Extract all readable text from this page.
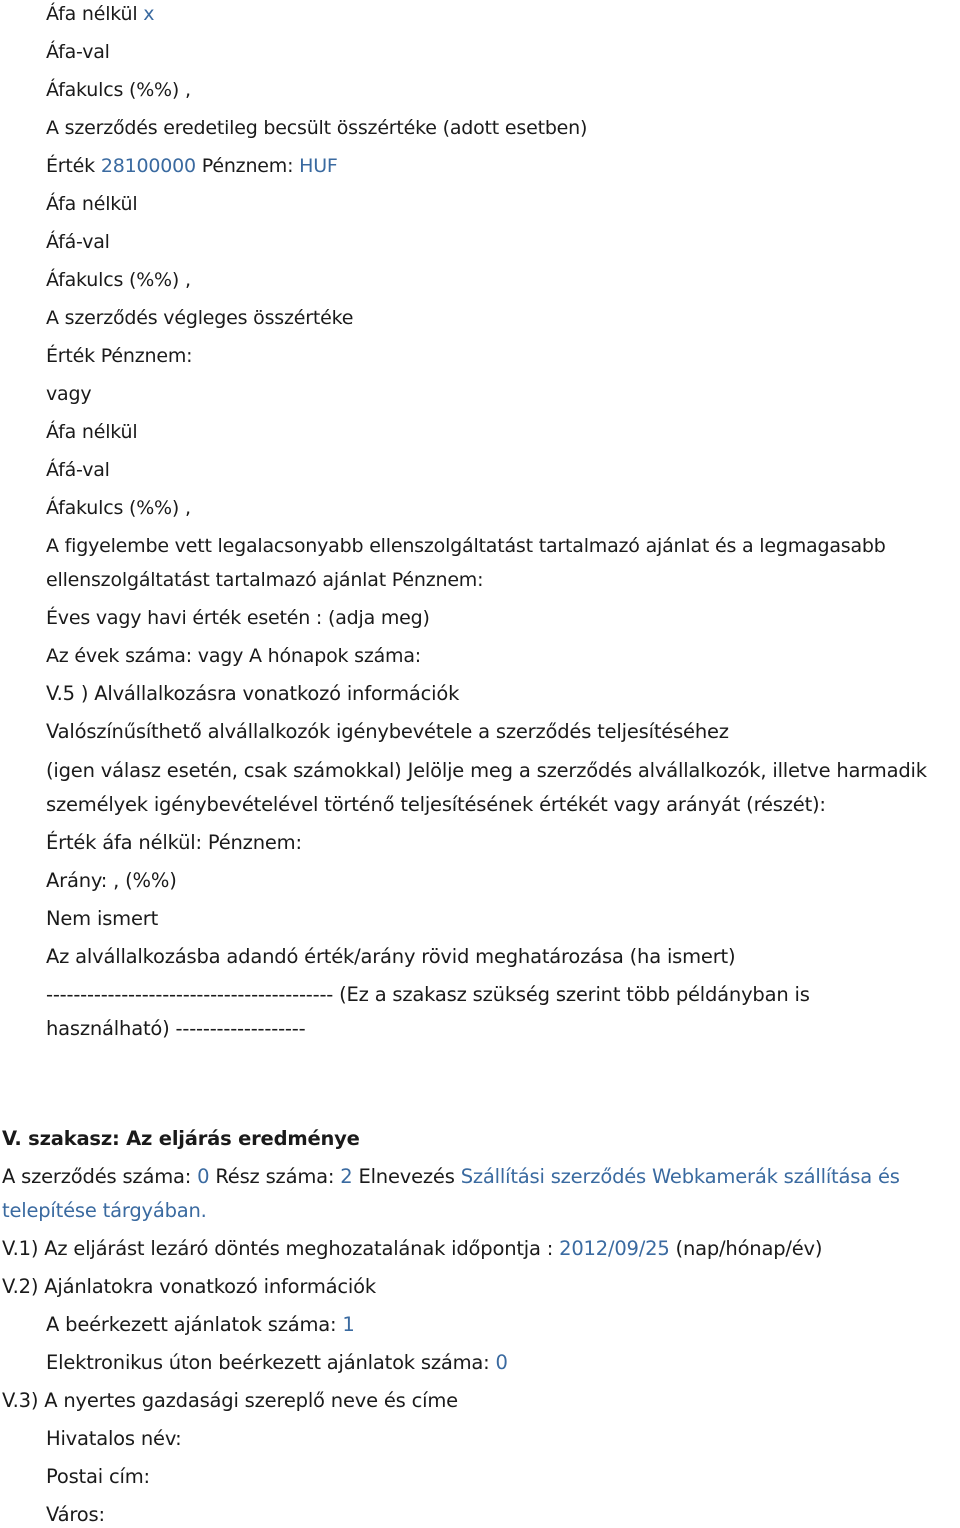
Áfa nélkül x
Áfa-val
Áfakulcs (%%) ,
A szerződés eredetileg becsült összértéke (adott esetben)
Érték 28100000 Pénznem: HUF
Áfa nélkül
Áfá-val
Áfakulcs (%%) ,
A szerződés végleges összértéke
Érték Pénznem:
vagy
Áfa nélkül
Áfá-val
Áfakulcs (%%) ,
A figyelembe vett legalacsonyabb ellenszolgáltatást tartalmazó ajánlat és a legmagasabb
ellenszolgáltatást tartalmazó ajánlat Pénznem:
Éves vagy havi érték esetén : (adja meg)
Az évek száma: vagy A hónapok száma:
V.5 ) Alvállalkozásra vonatkozó információk
Valószínűsíthető alvállalkozók igénybevétele a szerződés teljesítéséhez
(igen válasz esetén, csak számokkal) Jelölje meg a szerződés alvállalkozók, illetve harmadik
személyek igénybevételével történő teljesítésének értékét vagy arányát (részét):
Érték áfa nélkül: Pénznem:
Arány: , (%%)
Nem ismert
Az alvállalkozásba adandó érték/arány rövid meghatározása (ha ismert)
------------------------------------------ (Ez a szakasz szükség szerint több példányban is
használható) -------------------
V. szakasz: Az eljárás eredménye
A szerződés száma: 0 Rész száma: 2 Elnevezés Szállítási szerződés Webkamerák szállítása és
telepítése tárgyában.
V.1) Az eljárást lezáró döntés meghozatalának időpontja : 2012/09/25 (nap/hónap/év)
V.2) Ajánlatokra vonatkozó információk
A beérkezett ajánlatok száma: 1
Elektronikus úton beérkezett ajánlatok száma: 0
V.3) A nyertes gazdasági szereplő neve és címe
Hivatalos név:
Postai cím:
Város:
